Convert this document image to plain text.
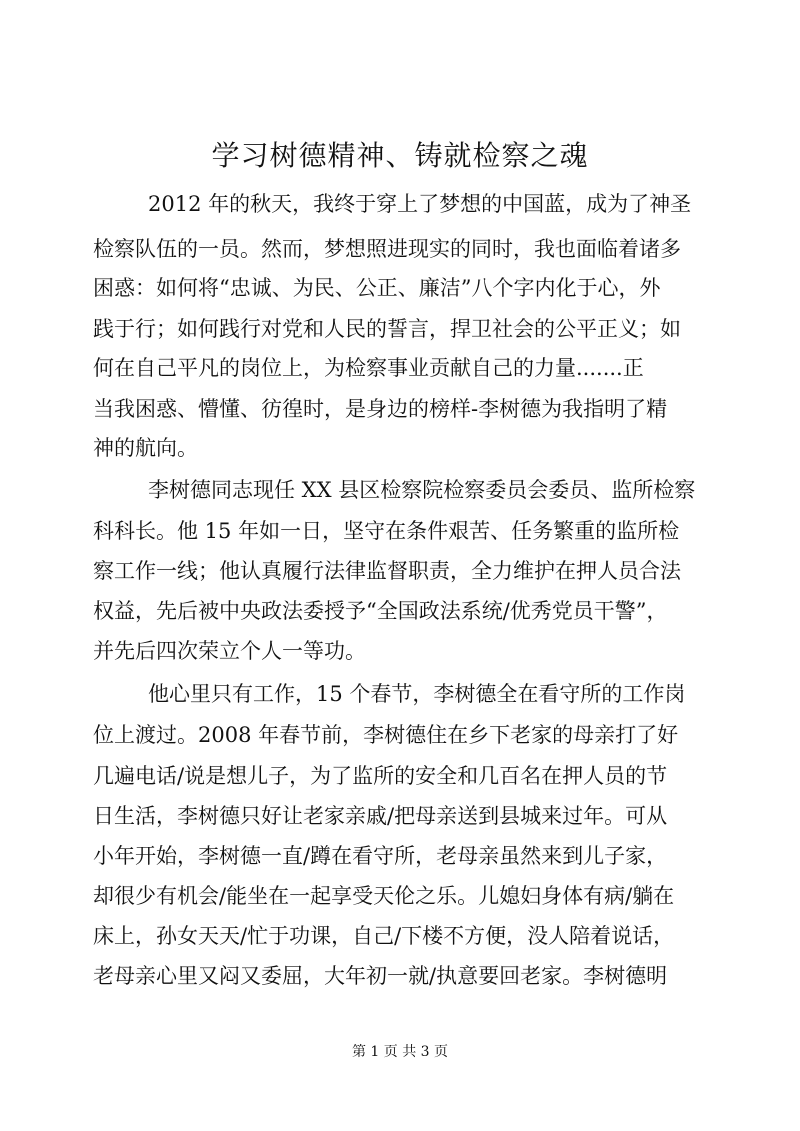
学习树德精神、铸就检察之魂

2012 年的秋天，我终于穿上了梦想的中国蓝，成为了神圣

检察队伍的一员。然而，梦想照进现实的同时，我也面临着诸多

困惑：如何将“忠诚、为民、公正、廉洁”八个字内化于心，外

践于行；如何践行对党和人民的誓言，捍卫社会的公平正义；如

何在自己平凡的岗位上，为检察事业贡献自己的力量.......正

当我困惑、懵懂、彷徨时，是身边的榜样-李树德为我指明了精

神的航向。

李树德同志现任 XX 县区检察院检察委员会委员、监所检察

科科长。他 15 年如一日，坚守在条件艰苦、任务繁重的监所检

察工作一线；他认真履行法律监督职责，全力维护在押人员合法

权益，先后被中央政法委授予“全国政法系统/优秀党员干警”，

并先后四次荣立个人一等功。

他心里只有工作，15 个春节，李树德全在看守所的工作岗

位上渡过。2008 年春节前，李树德住在乡下老家的母亲打了好

几遍电话/说是想儿子，为了监所的安全和几百名在押人员的节

日生活，李树德只好让老家亲戚/把母亲送到县城来过年。可从

小年开始，李树德一直/蹲在看守所，老母亲虽然来到儿子家，

却很少有机会/能坐在一起享受天伦之乐。儿媳妇身体有病/躺在

床上，孙女天天/忙于功课，自己/下楼不方便，没人陪着说话，

老母亲心里又闷又委屈，大年初一就/执意要回老家。李树德明

第 1 页 共 3 页
